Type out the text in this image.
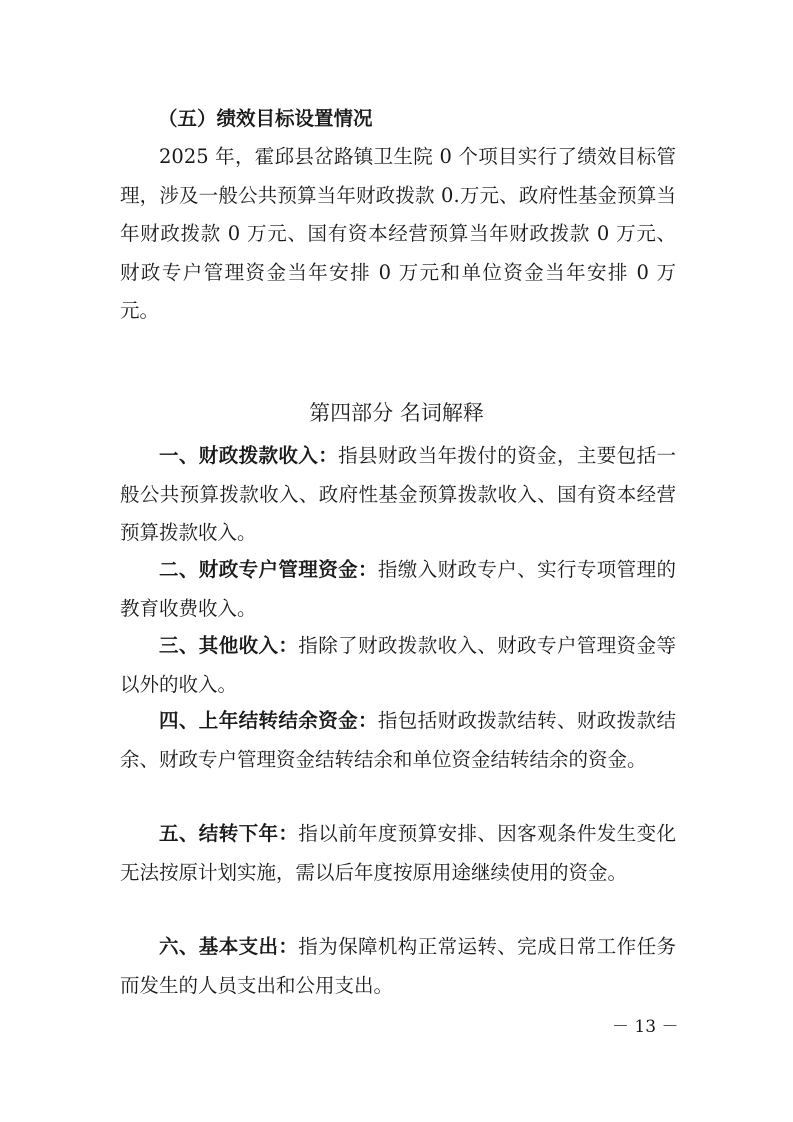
（五）绩效目标设置情况

2025 年，霍邱县岔路镇卫生院 0 个项目实行了绩效目标管理，涉及一般公共预算当年财政拨款 0.万元、政府性基金预算当年财政拨款 0 万元、国有资本经营预算当年财政拨款 0 万元、财政专户管理资金当年安排 0 万元和单位资金当年安排 0 万元。

第四部分 名词解释

一、财政拨款收入：指县财政当年拨付的资金，主要包括一般公共预算拨款收入、政府性基金预算拨款收入、国有资本经营预算拨款收入。

二、财政专户管理资金：指缴入财政专户、实行专项管理的教育收费收入。

三、其他收入：指除了财政拨款收入、财政专户管理资金等以外的收入。

四、上年结转结余资金：指包括财政拨款结转、财政拨款结余、财政专户管理资金结转结余和单位资金结转结余的资金。

五、结转下年：指以前年度预算安排、因客观条件发生变化无法按原计划实施，需以后年度按原用途继续使用的资金。

六、基本支出：指为保障机构正常运转、完成日常工作任务而发生的人员支出和公用支出。

－ 13 －
